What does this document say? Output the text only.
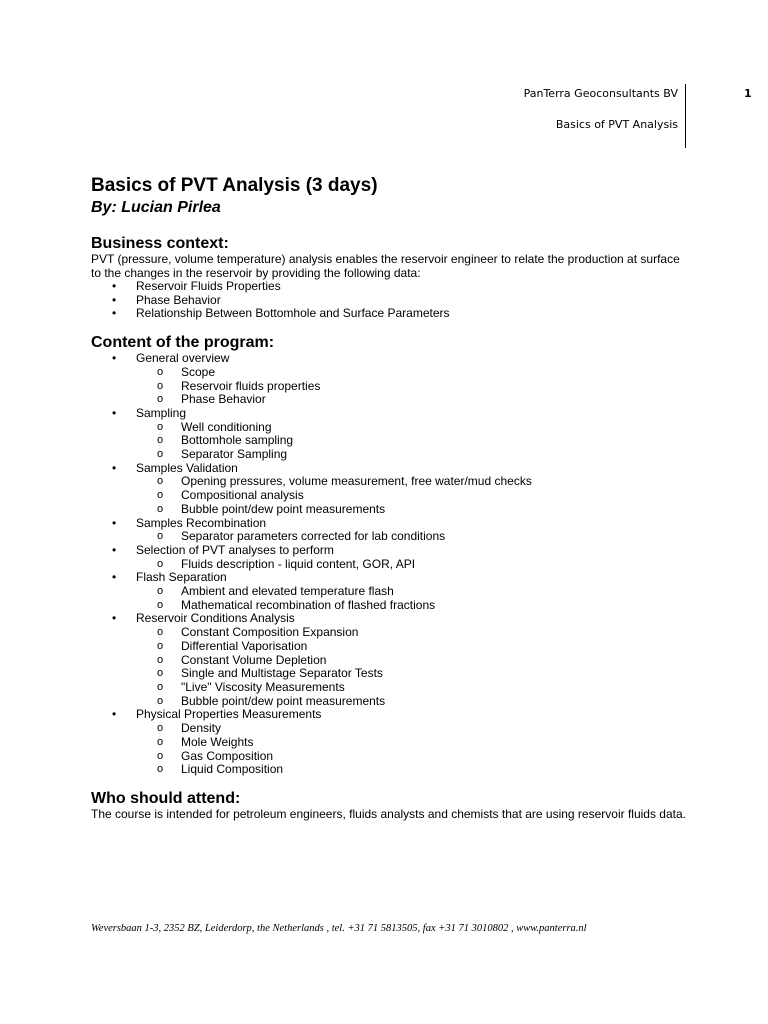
PanTerra Geoconsultants BV
Basics of PVT Analysis
1
Basics of PVT Analysis (3 days)
By: Lucian Pirlea
Business context:

PVT (pressure, volume temperature) analysis enables the reservoir engineer to relate the production at surface to the changes in the reservoir by providing the following data:

• Reservoir Fluids Properties
• Phase Behavior
• Relationship Between Bottomhole and Surface Parameters
Content of the program:
• General overview
o Scope
o Reservoir fluids properties
o Phase Behavior
• Sampling
o Well conditioning
o Bottomhole sampling
o Separator Sampling
• Samples Validation
o Opening pressures, volume measurement, free water/mud checks
o Compositional analysis
o Bubble point/dew point measurements
• Samples Recombination
o Separator parameters corrected for lab conditions
• Selection of PVT analyses to perform
o Fluids description - liquid content, GOR, API
• Flash Separation
o Ambient and elevated temperature flash
o Mathematical recombination of flashed fractions
• Reservoir Conditions Analysis
o Constant Composition Expansion
o Differential Vaporisation
o Constant Volume Depletion
o Single and Multistage Separator Tests
o "Live" Viscosity Measurements
o Bubble point/dew point measurements
• Physical Properties Measurements
o Density
o Mole Weights
o Gas Composition
o Liquid Composition
Who should attend:

The course is intended for petroleum engineers, fluids analysts and chemists that are using reservoir fluids data.

Weversbaan 1-3, 2352 BZ, Leiderdorp, the Netherlands , tel. +31 71 5813505, fax +31 71 3010802 , www.panterra.nl
